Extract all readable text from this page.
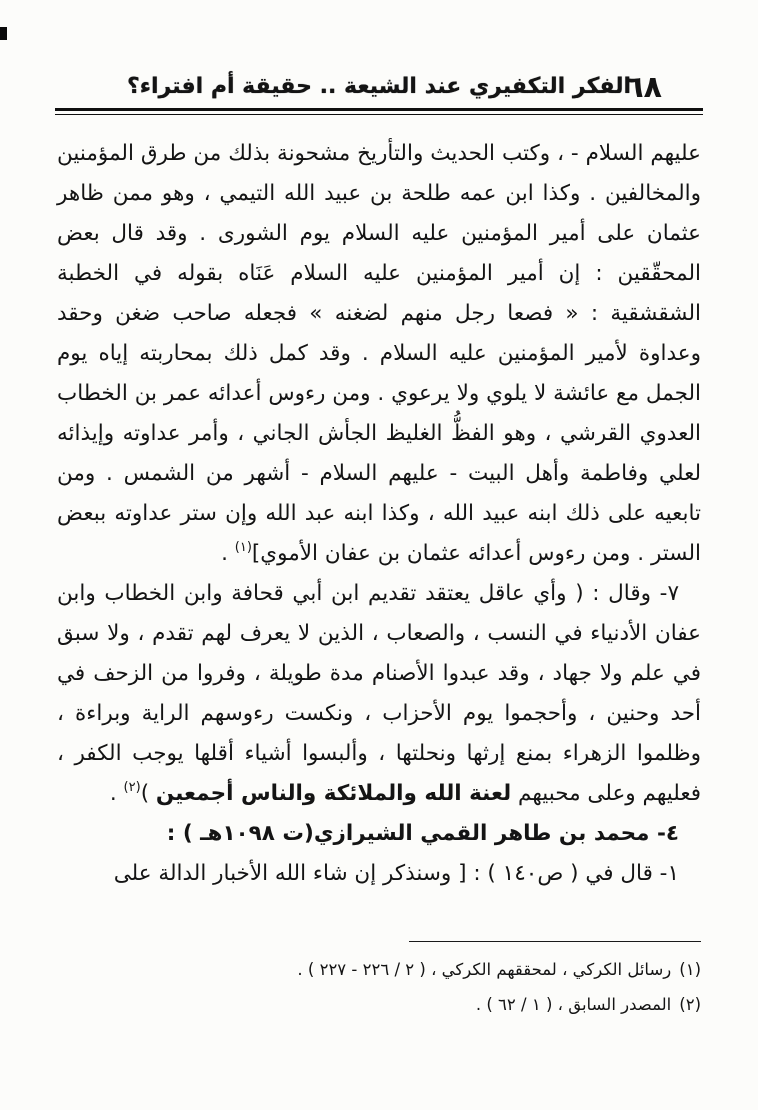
الفكر التكفيري عند الشيعة .. حقيقة أم افتراء؟
٦٨

عليهم السلام - ، وكتب الحديث والتأريخ مشحونة بذلك من طرق المؤمنين والمخالفين . وكذا ابن عمه طلحة بن عبيد الله التيمي ، وهو ممن ظاهر عثمان على أمير المؤمنين عليه السلام يوم الشورى . وقد قال بعض المحقّقين : إن أمير المؤمنين عليه السلام عَنَاه بقوله في الخطبة الشقشقية : « فصعا رجل منهم لضغنه » فجعله صاحب ضغن وحقد وعداوة لأمير المؤمنين عليه السلام . وقد كمل ذلك بمحاربته إياه يوم الجمل مع عائشة لا يلوي ولا يرعوي . ومن رءوس أعدائه عمر بن الخطاب العدوي القرشي ، وهو الفظُّ الغليظ الجأش الجاني ، وأمر عداوته وإيذائه لعلي وفاطمة وأهل البيت - عليهم السلام - أشهر من الشمس . ومن تابعيه على ذلك ابنه عبيد الله ، وكذا ابنه عبد الله وإن ستر عداوته ببعض الستر . ومن رءوس أعدائه عثمان بن عفان الأموي]$^{(١)}$ .

٧- وقال : ( وأي عاقل يعتقد تقديم ابن أبي قحافة وابن الخطاب وابن عفان الأدنياء في النسب ، والصعاب ، الذين لا يعرف لهم تقدم ، ولا سبق في علم ولا جهاد ، وقد عبدوا الأصنام مدة طويلة ، وفروا من الزحف في أحد وحنين ، وأحجموا يوم الأحزاب ، ونكست رءوسهم الراية وبراءة ، وظلموا الزهراء بمنع إرثها ونحلتها ، وألبسوا أشياء أقلها يوجب الكفر ، فعليهم وعلى محبيهم لعنة الله والملائكة والناس أجمعين )$^{(٢)}$ .

٤- محمد بن طاهر القمي الشيرازي(ت ١٠٩٨هـ ) :

١- قال في ( ص١٤٠ ) : [ وسنذكر إن شاء الله الأخبار الدالة على

(١)رسائل الكركي ، لمحققهم الكركي ، ( ٢ / ٢٢٦ - ٢٢٧ ) .
(٢)المصدر السابق ، ( ١ / ٦٢ ) .
